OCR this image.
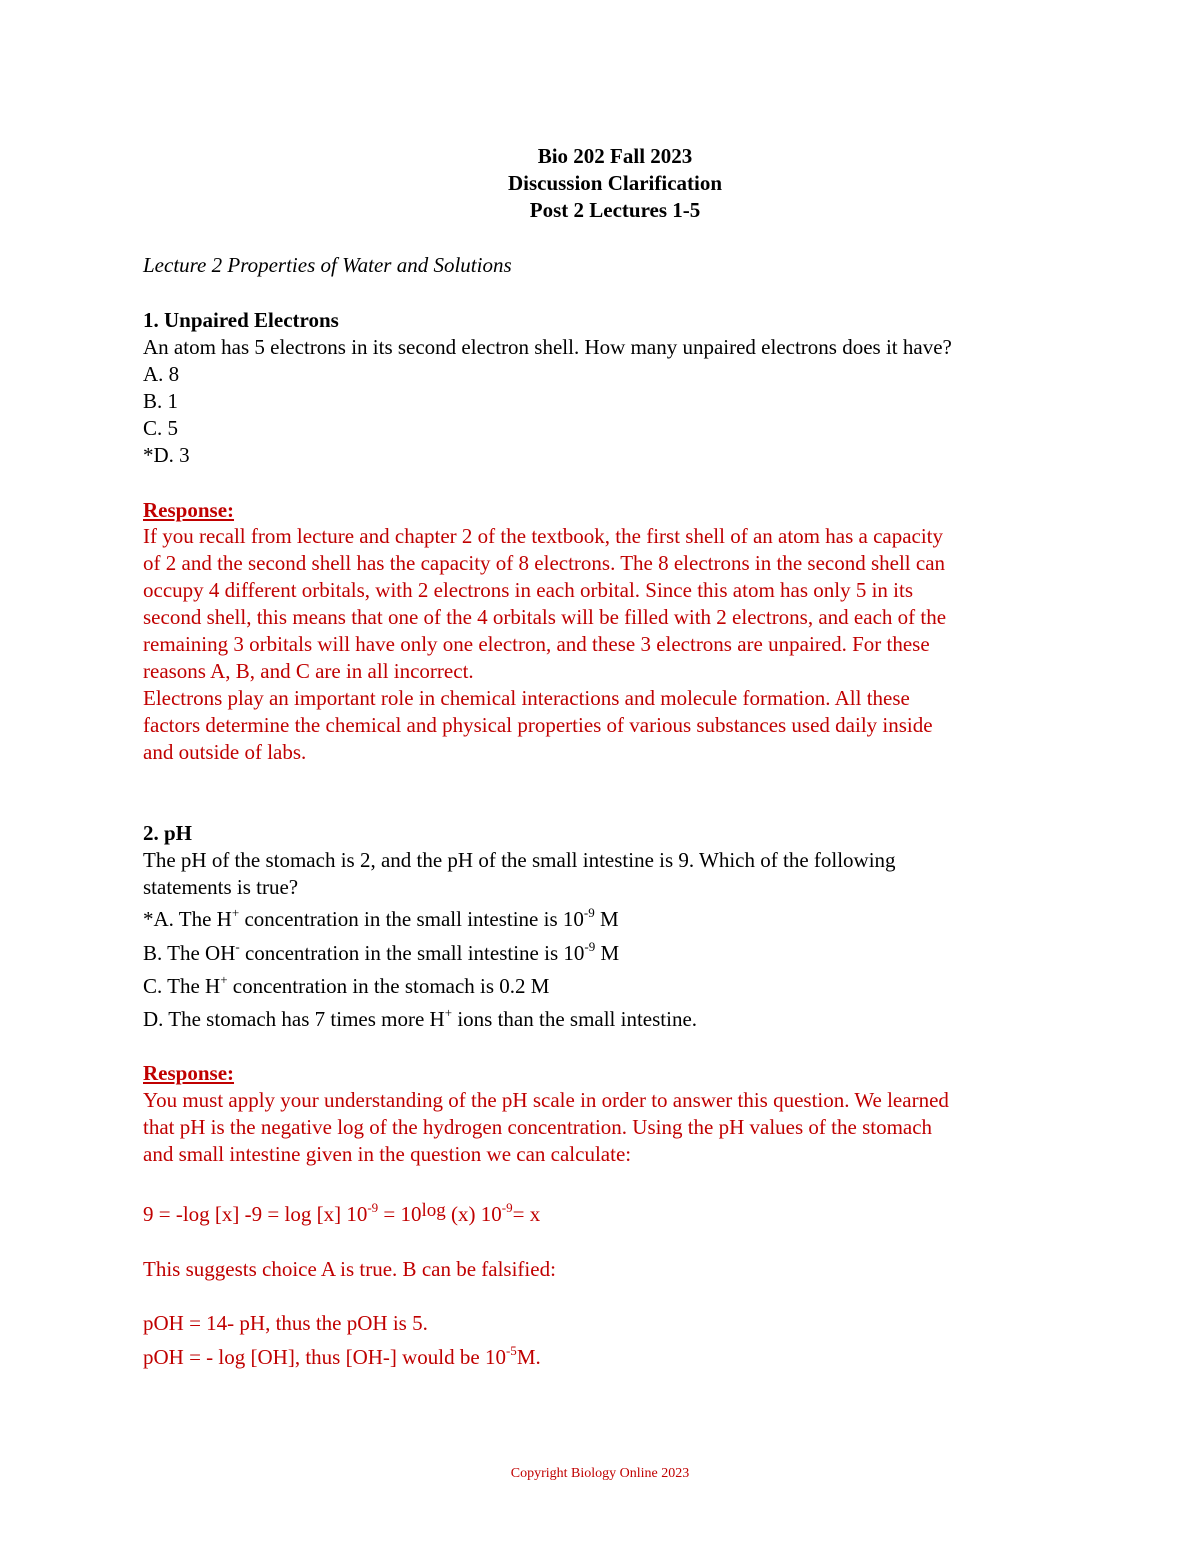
Bio 202 Fall 2023
Discussion Clarification
Post 2 Lectures 1-5
Lecture 2 Properties of Water and Solutions
1. Unpaired Electrons
An atom has 5 electrons in its second electron shell. How many unpaired electrons does it have?
A. 8
B. 1
C. 5
*D. 3
Response:
If you recall from lecture and chapter 2 of the textbook, the first shell of an atom has a capacity
of 2 and the second shell has the capacity of 8 electrons. The 8 electrons in the second shell can
occupy 4 different orbitals, with 2 electrons in each orbital. Since this atom has only 5 in its
second shell, this means that one of the 4 orbitals will be filled with 2 electrons, and each of the
remaining 3 orbitals will have only one electron, and these 3 electrons are unpaired. For these
reasons A, B, and C are in all incorrect.
Electrons play an important role in chemical interactions and molecule formation. All these
factors determine the chemical and physical properties of various substances used daily inside
and outside of labs.
2. pH
The pH of the stomach is 2, and the pH of the small intestine is 9. Which of the following
statements is true?
*A. The H+ concentration in the small intestine is $10^{-9}$ M
B. The OH- concentration in the small intestine is $10^{-9}$ M
C. The H+ concentration in the stomach is 0.2 M
D. The stomach has 7 times more H+ ions than the small intestine.
Response:
You must apply your understanding of the pH scale in order to answer this question. We learned
that pH is the negative log of the hydrogen concentration. Using the pH values of the stomach
and small intestine given in the question we can calculate:
9 = -log [x] -9 = log [x] $10^{-9} = 10^{log}$ (x) $10^{-9}= x$
This suggests choice A is true. B can be falsified:
pOH = 14- pH, thus the pOH is 5.
pOH = - log [OH], thus [OH-] would be $10^{-5}M$.
Copyright Biology Online 2023
